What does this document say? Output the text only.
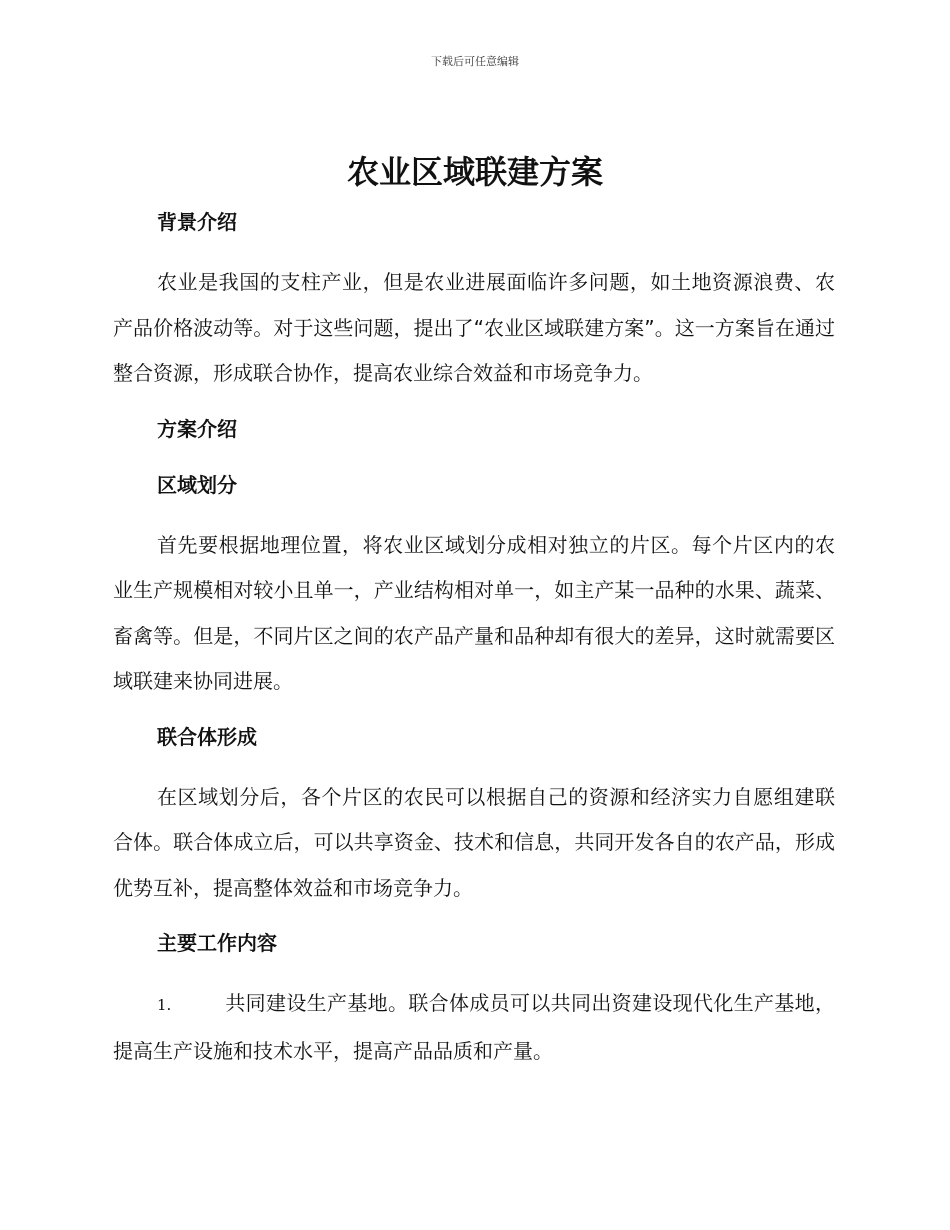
下载后可任意编辑
农业区域联建方案
背景介绍

农业是我国的支柱产业，但是农业进展面临许多问题，如土地资源浪费、农产品价格波动等。对于这些问题，提出了“农业区域联建方案”。这一方案旨在通过整合资源，形成联合协作，提高农业综合效益和市场竞争力。

方案介绍
区域划分

首先要根据地理位置，将农业区域划分成相对独立的片区。每个片区内的农业生产规模相对较小且单一，产业结构相对单一，如主产某一品种的水果、蔬菜、畜禽等。但是，不同片区之间的农产品产量和品种却有很大的差异，这时就需要区域联建来协同进展。

联合体形成

在区域划分后，各个片区的农民可以根据自己的资源和经济实力自愿组建联合体。联合体成立后，可以共享资金、技术和信息，共同开发各自的农产品，形成优势互补，提高整体效益和市场竞争力。

主要工作内容

1.	共同建设生产基地。联合体成员可以共同出资建设现代化生产基地，提高生产设施和技术水平，提高产品品质和产量。
